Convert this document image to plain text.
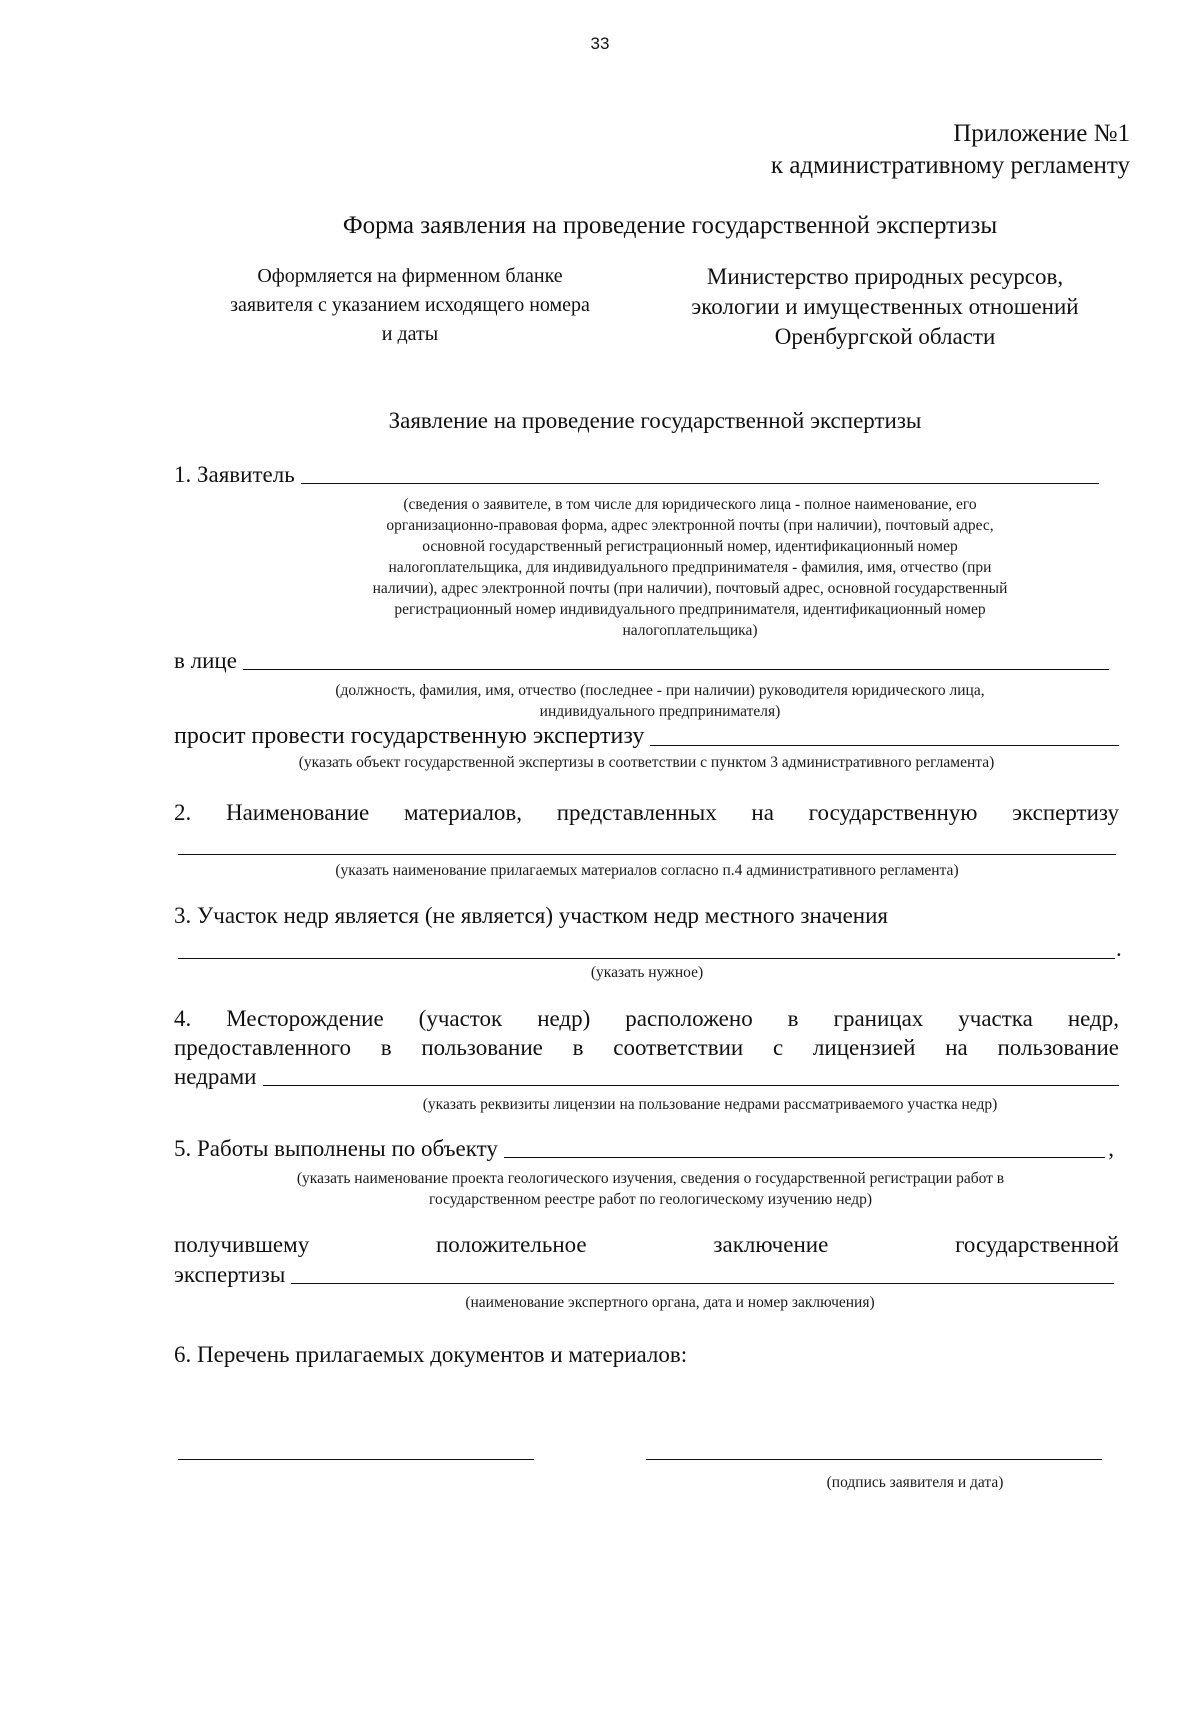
33
Приложение №1
к административному регламенту
Форма заявления на проведение государственной экспертизы
Оформляется на фирменном бланке
заявителя с указанием исходящего номера
и даты
Министерство природных ресурсов,
экологии и имущественных отношений
Оренбургской области
Заявление на проведение государственной экспертизы
1. Заявитель
(сведения о заявителе, в том числе для юридического лица - полное наименование, его
организационно-правовая форма, адрес электронной почты (при наличии), почтовый адрес,
основной государственный регистрационный номер, идентификационный номер
налогоплательщика, для индивидуального предпринимателя - фамилия, имя, отчество (при
наличии), адрес электронной почты (при наличии), почтовый адрес, основной государственный
регистрационный номер индивидуального предпринимателя, идентификационный номер
налогоплательщика)
в лице
(должность, фамилия, имя, отчество (последнее - при наличии) руководителя юридического лица,
индивидуального предпринимателя)
просит провести государственную экспертизу
(указать объект государственной экспертизы в соответствии с пунктом 3 административного регламента)
2. Наименование материалов, представленных на государственную экспертизу
(указать наименование прилагаемых материалов согласно п.4 административного регламента)
3. Участок недр является (не является) участком недр местного значения
.
(указать нужное)
4. Месторождение (участок недр) расположено в границах участка недр,
предоставленного в пользование в соответствии с лицензией на пользование
недрами
(указать реквизиты лицензии на пользование недрами рассматриваемого участка недр)
5. Работы выполнены по объекту	,
(указать наименование проекта геологического изучения, сведения о государственной регистрации работ в
государственном реестре работ по геологическому изучению недр)
получившему положительное заключение государственной
экспертизы
(наименование экспертного органа, дата и номер заключения)
6. Перечень прилагаемых документов и материалов:
(подпись заявителя и дата)
